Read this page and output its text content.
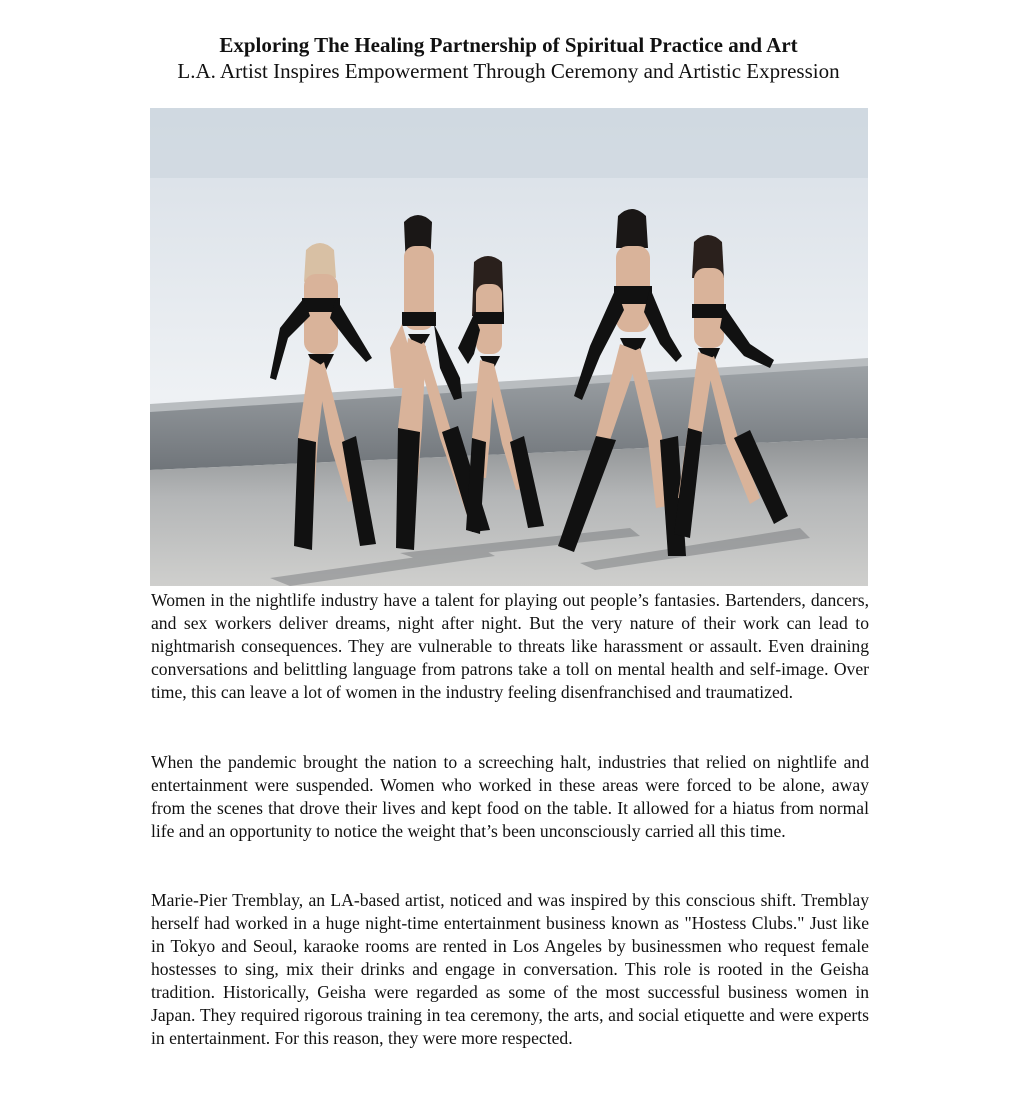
Exploring The Healing Partnership of Spiritual Practice and Art
L.A. Artist Inspires Empowerment Through Ceremony and Artistic Expression

Women in the nightlife industry have a talent for playing out people’s fantasies. Bartenders, dancers, and sex workers deliver dreams, night after night. But the very nature of their work can lead to nightmarish consequences. They are vulnerable to threats like harassment or assault. Even draining conversations and belittling language from patrons take a toll on mental health and self-image. Over time, this can leave a lot of women in the industry feeling disenfranchised and traumatized.

When the pandemic brought the nation to a screeching halt, industries that relied on nightlife and entertainment were suspended. Women who worked in these areas were forced to be alone, away from the scenes that drove their lives and kept food on the table. It allowed for a hiatus from normal life and an opportunity to notice the weight that’s been unconsciously carried all this time.

Marie-Pier Tremblay, an LA-based artist, noticed and was inspired by this conscious shift. Tremblay herself had worked in a huge night-time entertainment business known as "Hostess Clubs." Just like in Tokyo and Seoul, karaoke rooms are rented in Los Angeles by businessmen who request female hostesses to sing, mix their drinks and engage in conversation. This role is rooted in the Geisha tradition. Historically, Geisha were regarded as some of the most successful business women in Japan. They required rigorous training in tea ceremony, the arts, and social etiquette and were experts in entertainment. For this reason, they were more respected.
